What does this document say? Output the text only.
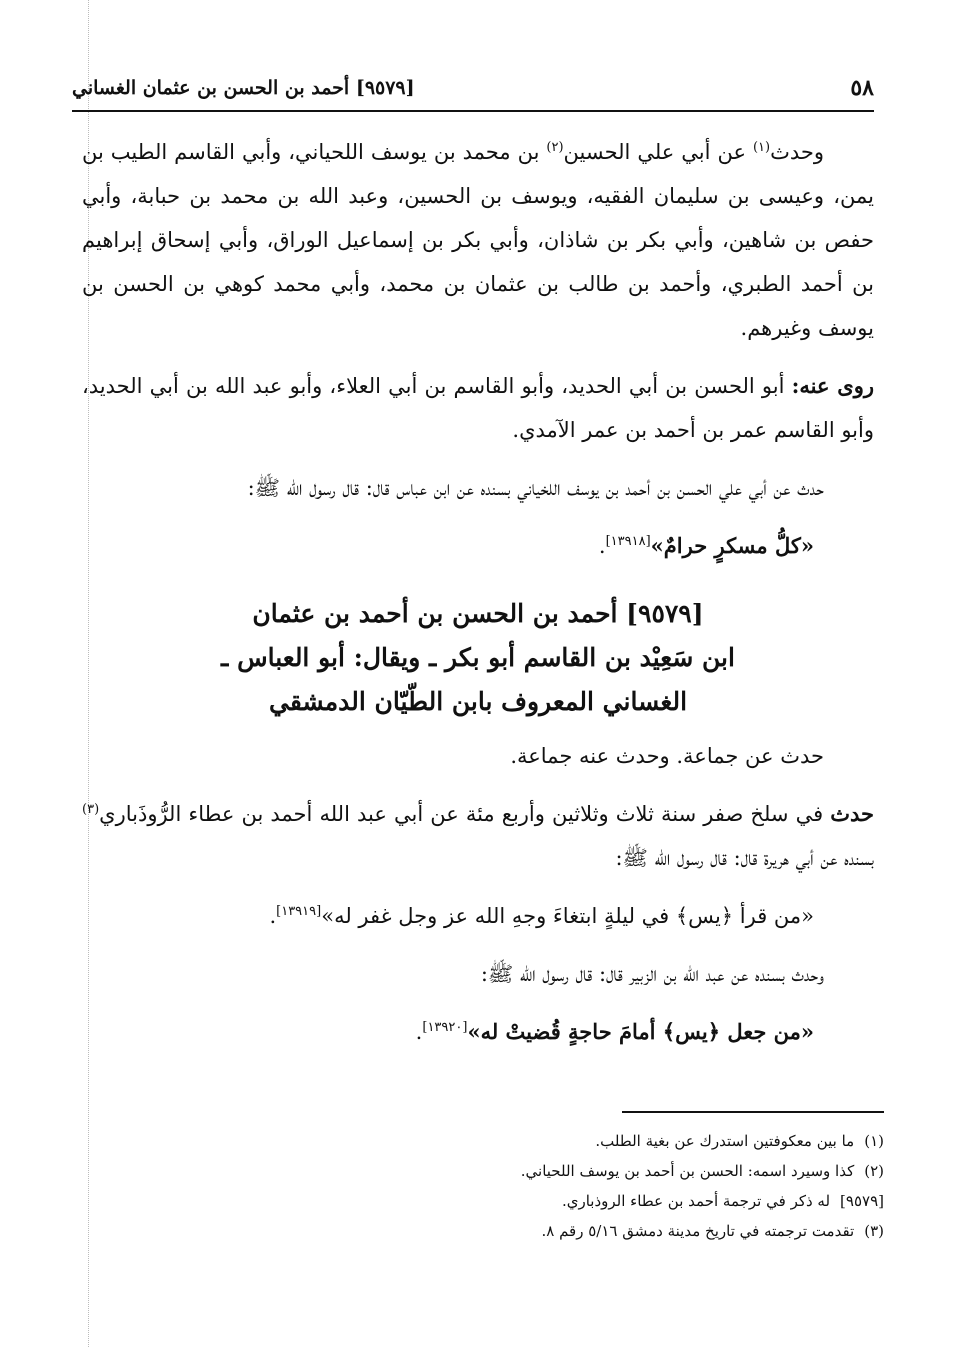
٥٨
[٩٥٧٩] أحمد بن الحسن بن عثمان الغساني

وحدث$^{(١)}$ عن أبي علي الحسين$^{(٢)}$ بن محمد بن يوسف اللحياني، وأبي القاسم الطيب بن يمن، وعيسى بن سليمان الفقيه، ويوسف بن الحسين، وعبد الله بن محمد بن حبابة، وأبي حفص بن شاهين، وأبي بكر بن شاذان، وأبي بكر بن إسماعيل الوراق، وأبي إسحاق إبراهيم بن أحمد الطبري، وأحمد بن طالب بن عثمان بن محمد، وأبي محمد كوهي بن الحسن بن يوسف وغيرهم.

روى عنه: أبو الحسن بن أبي الحديد، وأبو القاسم بن أبي العلاء، وأبو عبد الله بن أبي الحديد، وأبو القاسم عمر بن أحمد بن عمر الآمدي.

حدث عن أبي علي الحسن بن أحمد بن يوسف اللخياني بسنده عن ابن عباس قال: قال رسول الله ﷺ:

«كلُّ مسكرٍ حرامٌ»[١٣٩١٨].

[٩٥٧٩] أحمد بن الحسن بن أحمد بن عثمان
ابن سَعِيْد بن القاسم أبو بكر ـ ويقال: أبو العباس ـ
الغساني المعروف بابن الطّيّان الدمشقي

حدث عن جماعة. وحدث عنه جماعة.

حدث في سلخ صفر سنة ثلاث وثلاثين وأربع مئة عن أبي عبد الله أحمد بن عطاء الرُّوذَباري$^{(٣)}$ بسنده عن أبي هريرة قال: قال رسول الله ﷺ:

«من قرأ ﴿يس﴾ في ليلةٍ ابتغاءَ وجهِ الله عز وجل غفر له»[١٣٩١٩].

وحدث بسنده عن عبد الله بن الزبير قال: قال رسول الله ﷺ:

«من جعل ﴿يس﴾ أمامَ حاجةٍ قُضيتْ له»[١٣٩٢٠].

(١)
ما بين معكوفتين استدرك عن بغية الطلب.
(٢)
كذا وسيرد اسمه: الحسن بن أحمد بن يوسف اللحياني.
[٩٥٧٩]
له ذكر في ترجمة أحمد بن عطاء الروذباري.
(٣)
تقدمت ترجمته في تاريخ مدينة دمشق ٥/١٦ رقم ٨.
